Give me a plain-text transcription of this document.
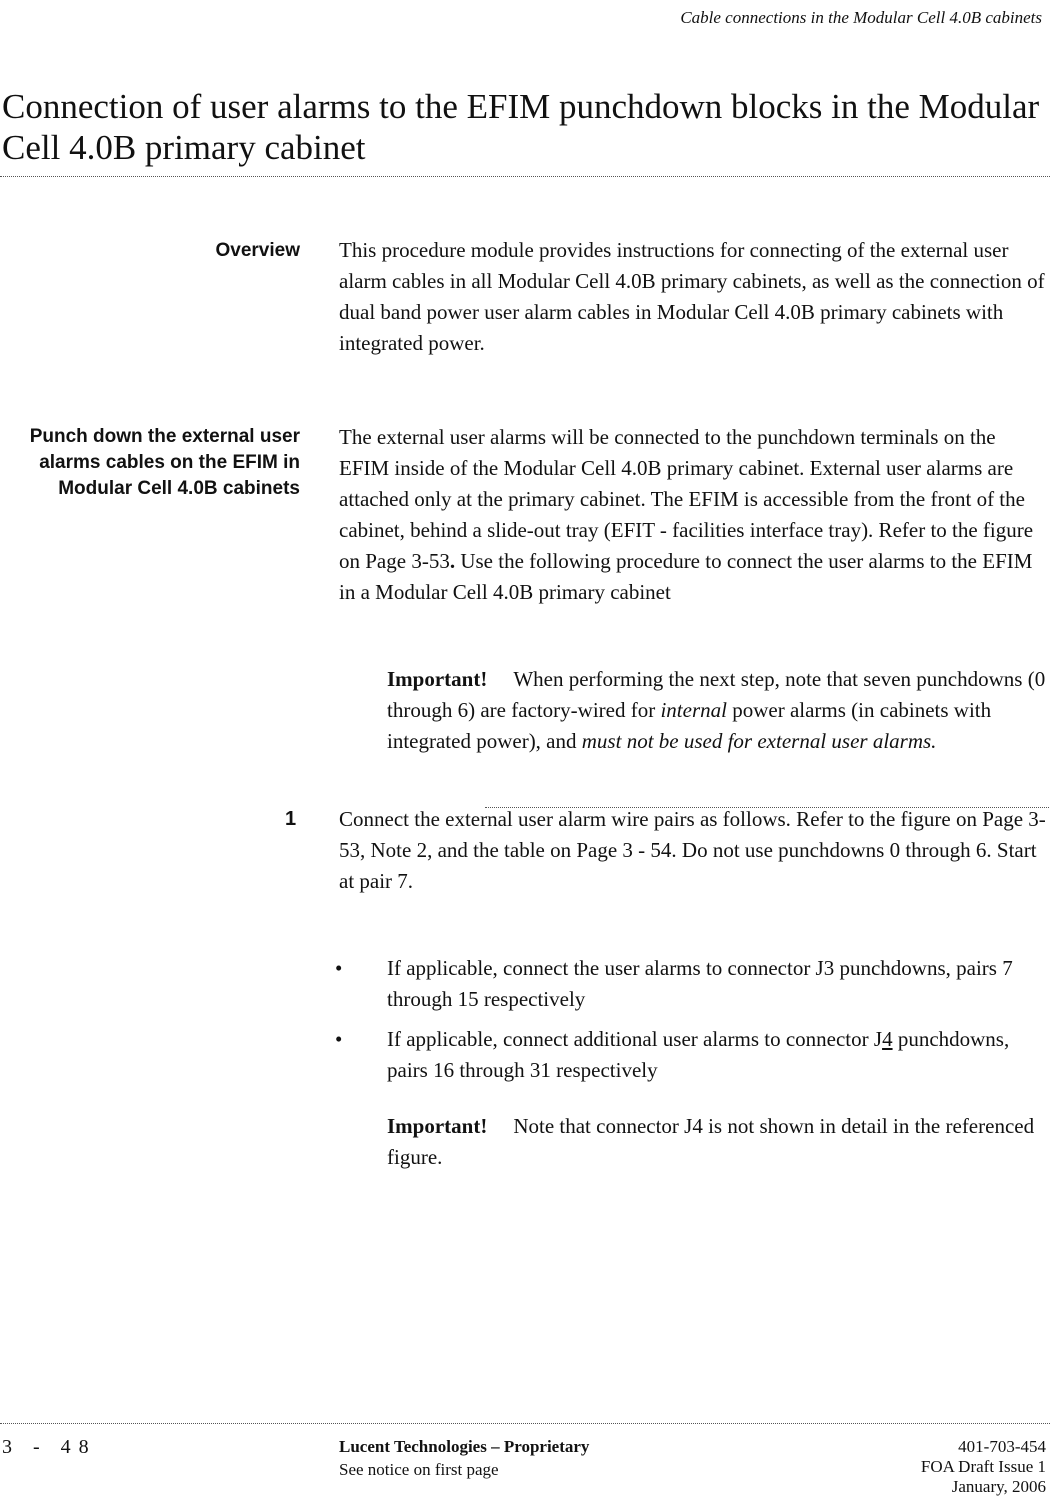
Cable connections in the Modular Cell 4.0B cabinets
Connection of user alarms to the EFIM punchdown blocks in the Modular Cell 4.0B primary cabinet
Overview This procedure module provides instructions for connecting of the external user alarm cables in all Modular Cell 4.0B primary cabinets, as well as the connection of dual band power user alarm cables in Modular Cell 4.0B primary cabinets with integrated power.

Punch down the external user alarms cables on the EFIM in Modular Cell 4.0B cabinets

The external user alarms will be connected to the punchdown terminals on the EFIM inside of the Modular Cell 4.0B primary cabinet. External user alarms are attached only at the primary cabinet. The EFIM is accessible from the front of the cabinet, behind a slide-out tray (EFIT - facilities interface tray). Refer to the figure on Page 3-53. Use the following procedure to connect the user alarms to the EFIM in a Modular Cell 4.0B primary cabinet

Important! When performing the next step, note that seven punchdowns (0 through 6) are factory-wired for internal power alarms (in cabinets with integrated power), and must not be used for external user alarms.

1 Connect the external user alarm wire pairs as follows. Refer to the figure on Page 3-53, Note 2, and the table on Page 3 - 54. Do not use punchdowns 0 through 6. Start at pair 7.

• If applicable, connect the user alarms to connector J3 punchdowns, pairs 7 through 15 respectively
• If applicable, connect additional user alarms to connector J4 punchdowns, pairs 16 through 31 respectively

Important! Note that connector J4 is not shown in detail in the referenced figure.

3 - 48	Lucent Technologies – Proprietary
See notice on first page
401-703-454
FOA Draft Issue 1
January, 2006
